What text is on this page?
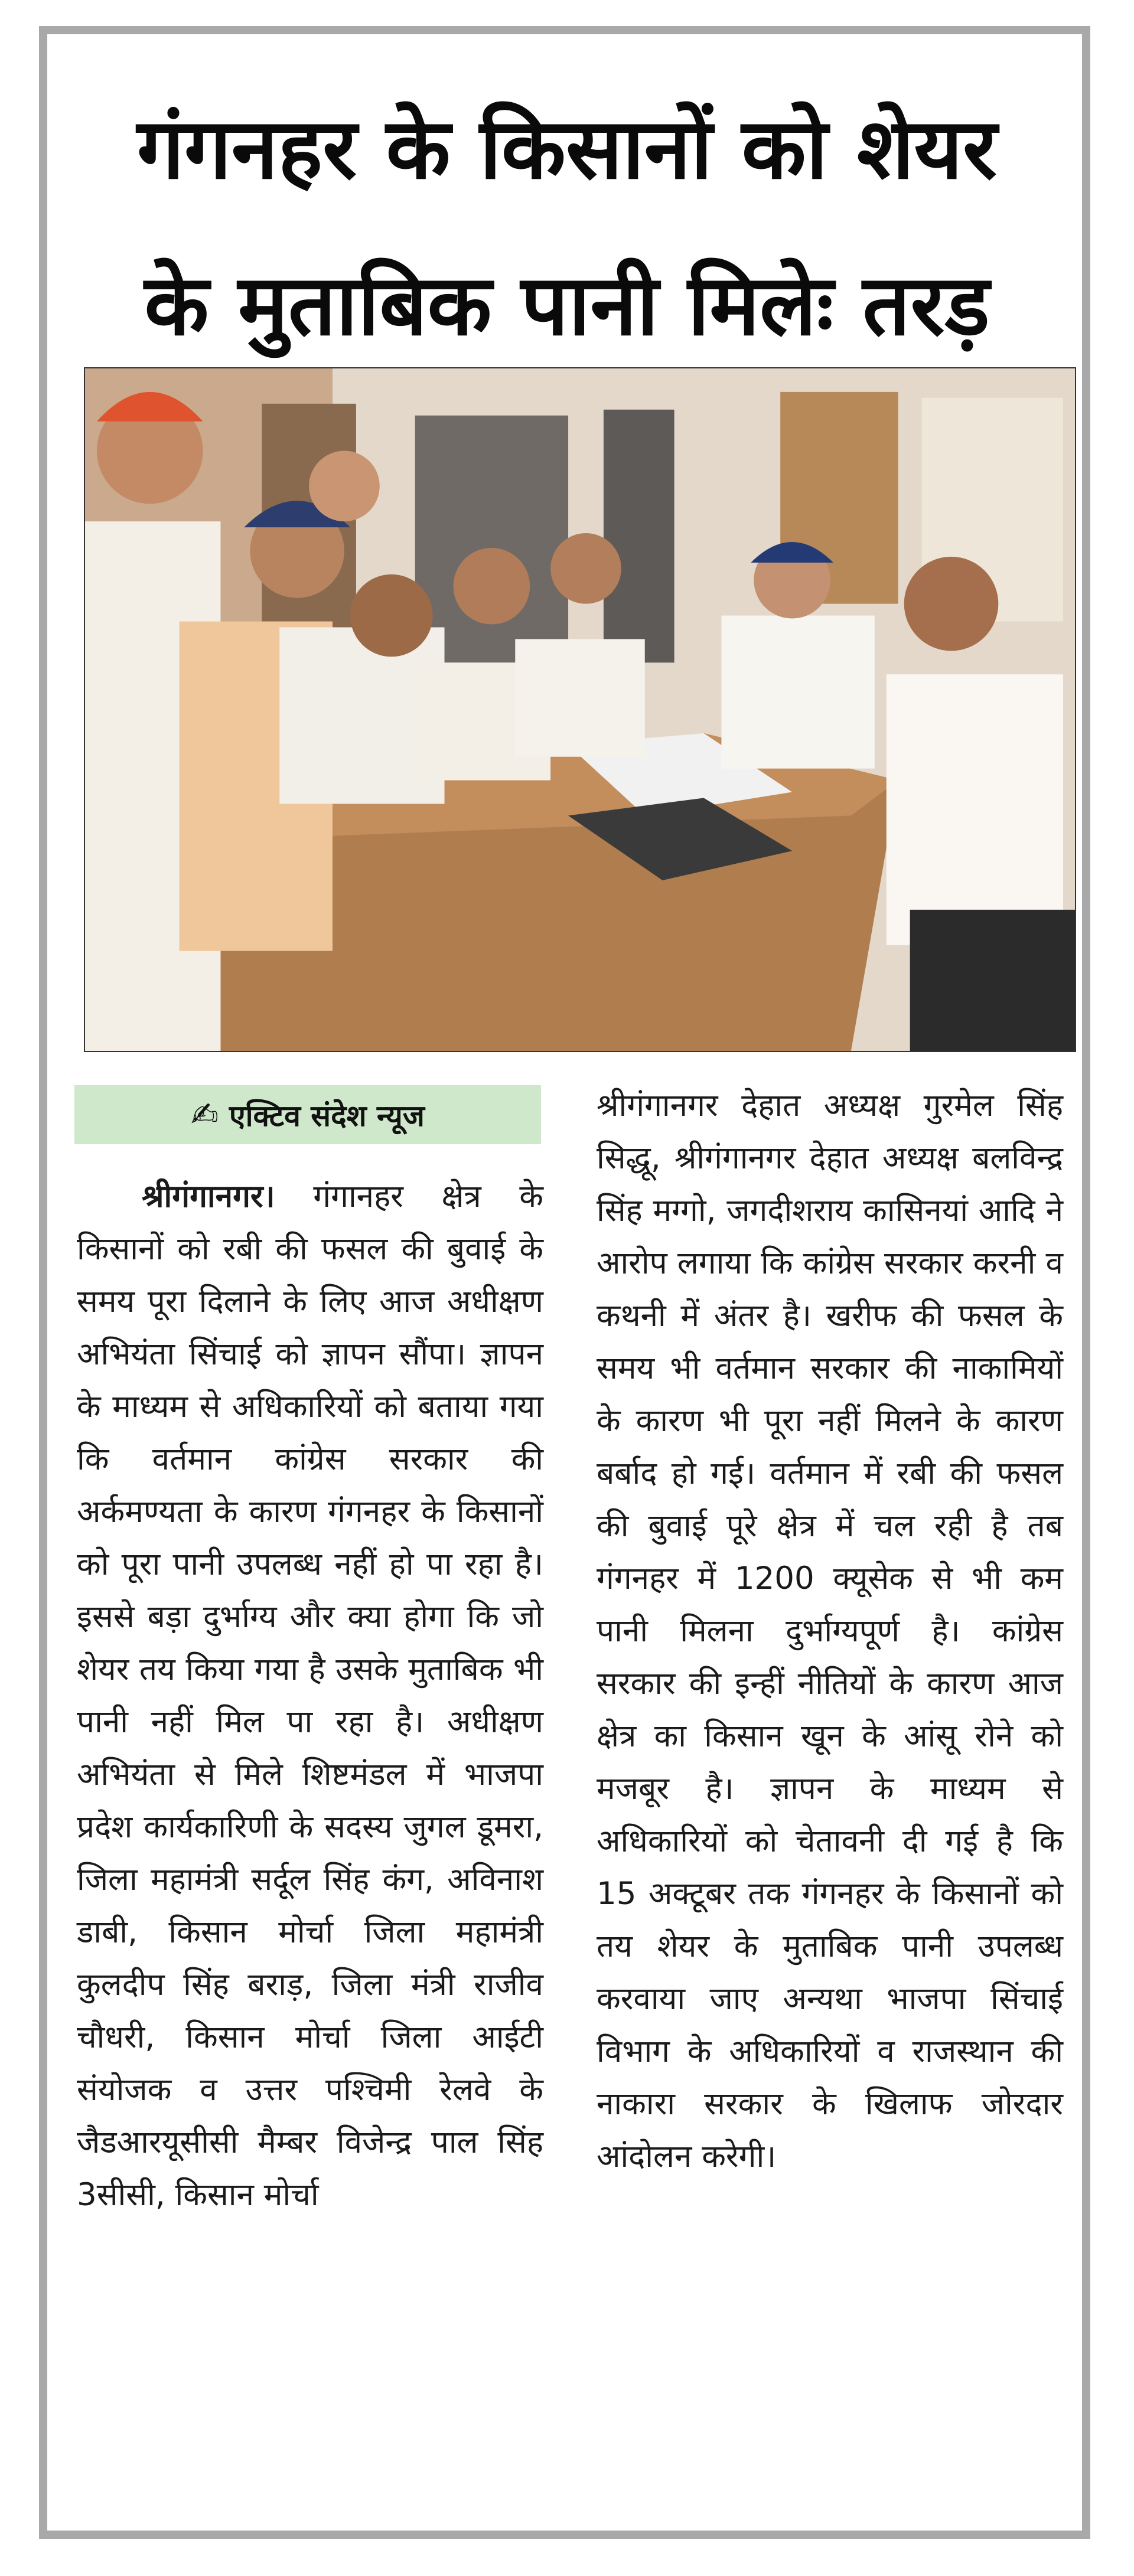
गंगनहर के किसानों को शेयर
के मुताबिक पानी मिलेः तरड़
✍ एक्टिव संदेश न्यूज

श्रीगंगानगर। गंगानहर क्षेत्र के किसानों को रबी की फसल की बुवाई के समय पूरा दिलाने के लिए आज अधीक्षण अभियंता सिंचाई को ज्ञापन सौंपा। ज्ञापन के माध्यम से अधिकारियों को बताया गया कि वर्तमान कांग्रेस सरकार की अर्कमण्यता के कारण गंगनहर के किसानों को पूरा पानी उपलब्ध नहीं हो पा रहा है। इससे बड़ा दुर्भाग्य और क्या होगा कि जो शेयर तय किया गया है उसके मुताबिक भी पानी नहीं मिल पा रहा है। अधीक्षण अभियंता से मिले शिष्टमंडल में भाजपा प्रदेश कार्यकारिणी के सदस्य जुगल डूमरा, जिला महामंत्री सर्दूल सिंह कंग, अविनाश डाबी, किसान मोर्चा जिला महामंत्री कुलदीप सिंह बराड़, जिला मंत्री राजीव चौधरी, किसान मोर्चा जिला आईटी संयोजक व उत्तर पश्चिमी रेलवे के जैडआरयूसीसी मैम्बर विजेन्द्र पाल सिंह 3सीसी, किसान मोर्चा

श्रीगंगानगर देहात अध्यक्ष गुरमेल सिंह सिद्धू, श्रीगंगानगर देहात अध्यक्ष बलविन्द्र सिंह मग्गो, जगदीशराय कासिनयां आदि ने आरोप लगाया कि कांग्रेस सरकार करनी व कथनी में अंतर है। खरीफ की फसल के समय भी वर्तमान सरकार की नाकामियों के कारण भी पूरा नहीं मिलने के कारण बर्बाद हो गई। वर्तमान में रबी की फसल की बुवाई पूरे क्षेत्र में चल रही है तब गंगनहर में 1200 क्यूसेक से भी कम पानी मिलना दुर्भाग्यपूर्ण है। कांग्रेस सरकार की इन्हीं नीतियों के कारण आज क्षेत्र का किसान खून के आंसू रोने को मजबूर है। ज्ञापन के माध्यम से अधिकारियों को चेतावनी दी गई है कि 15 अक्टूबर तक गंगनहर के किसानों को तय शेयर के मुताबिक पानी उपलब्ध करवाया जाए अन्यथा भाजपा सिंचाई विभाग के अधिकारियों व राजस्थान की नाकारा सरकार के खिलाफ जोरदार आंदोलन करेगी।
